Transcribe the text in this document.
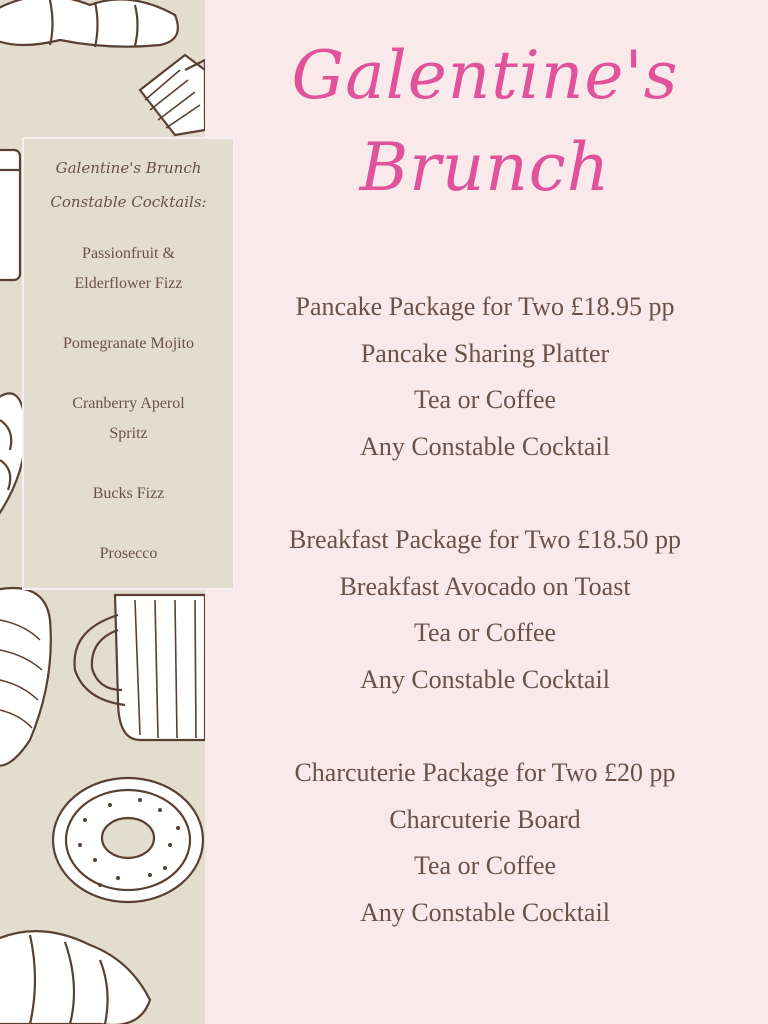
Galentine's Brunch
Constable Cocktails:
Passionfruit &
Elderflower Fizz
Pomegranate Mojito
Cranberry Aperol
Spritz
Bucks Fizz
Prosecco
Galentine's
Brunch
Pancake Package for Two £18.95 pp
Pancake Sharing Platter
Tea or Coffee
Any Constable Cocktail
Breakfast Package for Two £18.50 pp
Breakfast Avocado on Toast
Tea or Coffee
Any Constable Cocktail
Charcuterie Package for Two £20 pp
Charcuterie Board
Tea or Coffee
Any Constable Cocktail
